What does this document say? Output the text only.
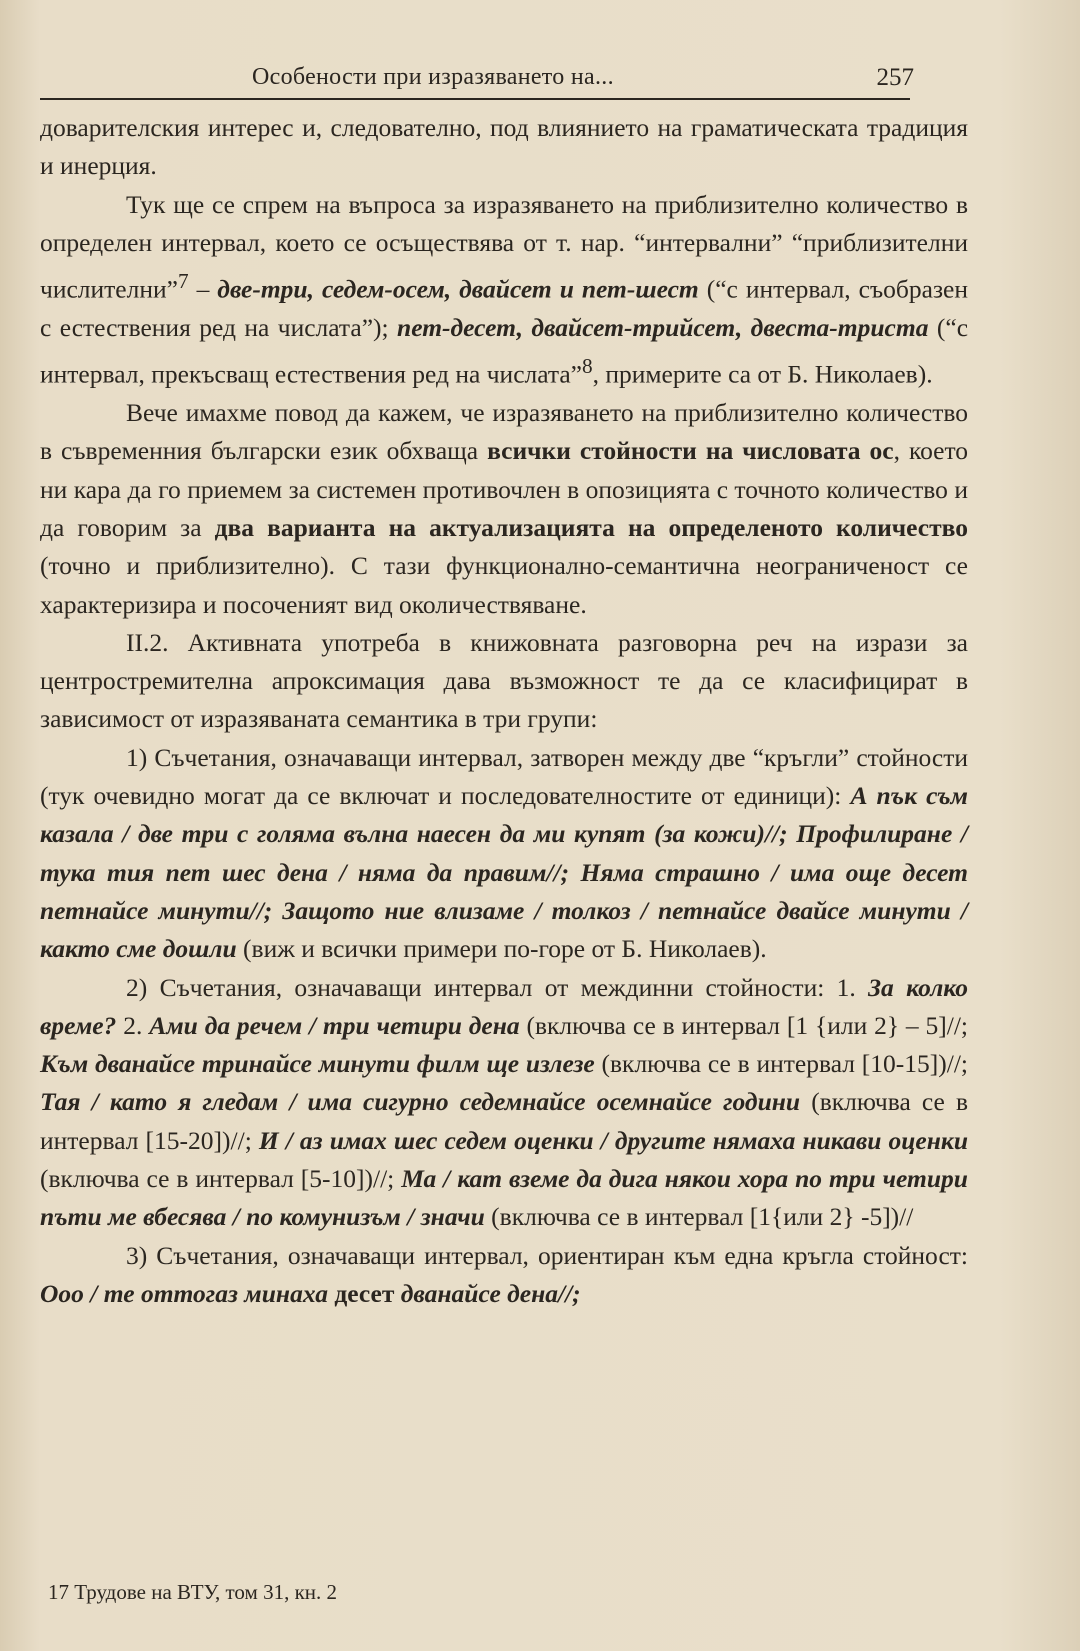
Особености при изразяването на...	257

доварителския интерес и, следователно, под влиянието на граматическата традиция и инерция.

Тук ще се спрем на въпроса за изразяването на приблизително количество в определен интервал, което се осъществява от т. нар. “интервални” “приблизителни числителни”$^7$ – две-три, седем-осем, двайсет и пет-шест (“с интервал, съобразен с естествения ред на числата”); пет-десет, двайсет-трийсет, двеста-триста (“с интервал, прекъсващ естествения ред на числата”$^8$, примерите са от Б. Николаев).

Вече имахме повод да кажем, че изразяването на приблизително количество в съвременния български език обхваща всички стойности на числовата ос, което ни кара да го приемем за системен противочлен в опозицията с точното количество и да говорим за два варианта на актуализацията на определеното количество (точно и приблизително). С тази функционално-семантична неограниченост се характеризира и посоченият вид околичествяване.

II.2. Активната употреба в книжовната разговорна реч на изрази за центростремителна апроксимация дава възможност те да се класифицират в зависимост от изразяваната семантика в три групи:

1) Съчетания, означаващи интервал, затворен между две “кръгли” стойности (тук очевидно могат да се включат и последователностите от единици): А пък съм казала / две три с голяма вълна наесен да ми купят (за кожи)//; Профилиране / тука тия пет шес дена / няма да правим//; Няма страшно / има още десет петнайсе минути//; Защото ние влизаме / толкоз / петнайсе двайсе минути / както сме дошли (виж и всички примери по-горе от Б. Николаев).

2) Съчетания, означаващи интервал от междинни стойности: 1. За колко време? 2. Ами да речем / три четири дена (включва се в интервал [1 {или 2} – 5]//; Към дванайсе тринайсе минути филм ще излезе (включва се в интервал [10-15])//; Тая / като я гледам / има сигурно седемнайсе осемнайсе години (включва се в интервал [15-20])//; И / аз имах шес седем оценки / другите нямаха никави оценки (включва се в интервал [5-10])//; Ма / кат вземе да дига някои хора по три четири пъти ме вбесява / по комунизъм / значи (включва се в интервал [1{или 2} -5])//

3) Съчетания, означаващи интервал, ориентиран към една кръгла стойност: Ооо / те оттогаз минаха десет дванайсе дена//;

17 Трудове на ВТУ, том 31, кн. 2
